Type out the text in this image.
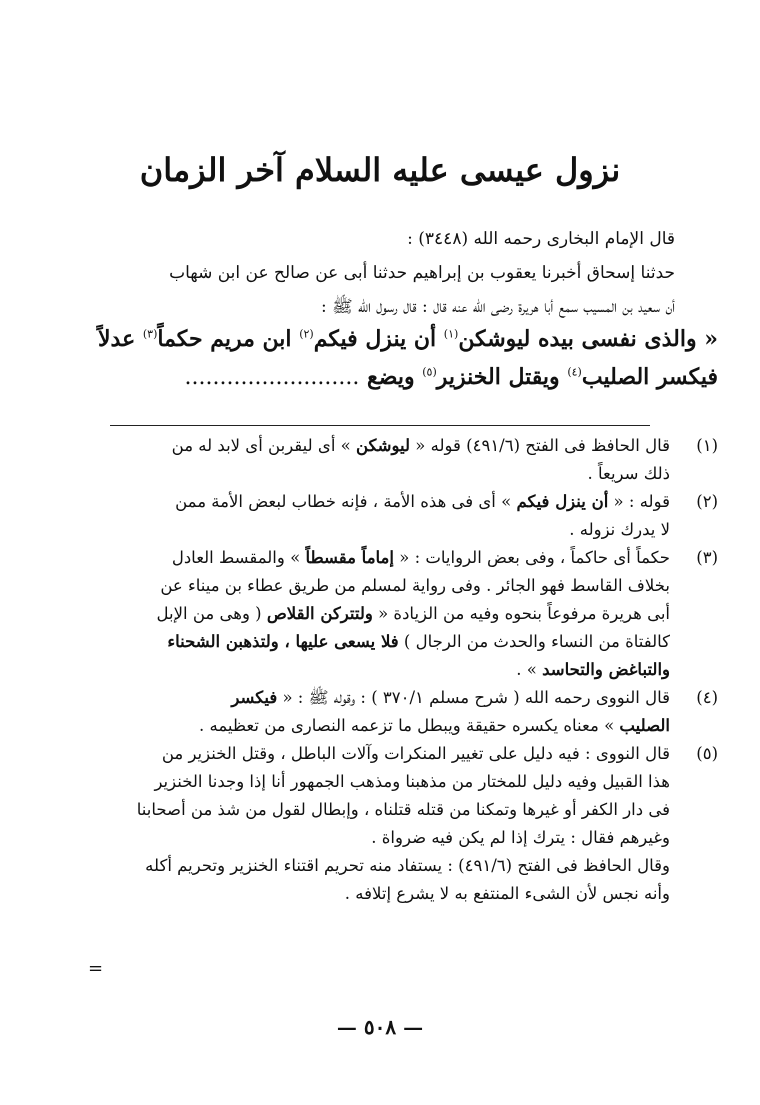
نزول عيسى عليه السلام آخر الزمان
قال الإمام البخارى رحمه الله (٣٤٤٨) :
حدثنا إسحاق أخبرنا يعقوب بن إبراهيم حدثنا أبى عن صالح عن ابن شهاب
أن سعيد بن المسيب سمع أبا هريرة رضى الله عنه قال : قال رسول الله ﷺ :
« والذى نفسى بيده ليوشكن$^{(١)}$ أن ينزل فيكم$^{(٢)}$ ابن مريم حكماً$^{(٣)}$ عدلاً
فيكسر الصليب$^{(٤)}$ ويقتل الخنزير$^{(٥)}$ ويضع .........................
(١)
قال الحافظ فى الفتح (٤٩١/٦) قوله « ليوشكن » أى ليقربن أى لابد له من
ذلك سريعاً .
(٢)
قوله : « أن ينزل فيكم » أى فى هذه الأمة ، فإنه خطاب لبعض الأمة ممن
لا يدرك نزوله .
(٣)
حكماً أى حاكماً ، وفى بعض الروايات : « إماماً مقسطاً » والمقسط العادل
بخلاف القاسط فهو الجائر . وفى رواية لمسلم من طريق عطاء بن ميناء عن
أبى هريرة مرفوعاً بنحوه وفيه من الزيادة « ولتتركن القلاص ( وهى من الإبل
كالفتاة من النساء والحدث من الرجال ) فلا يسعى عليها ، ولتذهبن الشحناء
والتباغض والتحاسد » .
(٤)
قال النووى رحمه الله ( شرح مسلم ٣٧٠/١ ) : وقوله ﷺ : « فيكسر
الصليب » معناه يكسره حقيقة ويبطل ما تزعمه النصارى من تعظيمه .
(٥)
قال النووى : فيه دليل على تغيير المنكرات وآلات الباطل ، وقتل الخنزير من
هذا القبيل وفيه دليل للمختار من مذهبنا ومذهب الجمهور أنا إذا وجدنا الخنزير
فى دار الكفر أو غيرها وتمكنا من قتله قتلناه ، وإبطال لقول من شذ من أصحابنا
وغيرهم فقال : يترك إذا لم يكن فيه ضرواة .
وقال الحافظ فى الفتح (٤٩١/٦) : يستفاد منه تحريم اقتناء الخنزير وتحريم أكله
وأنه نجس لأن الشىء المنتفع به لا يشرع إتلافه .
=
— ٥٠٨ —
